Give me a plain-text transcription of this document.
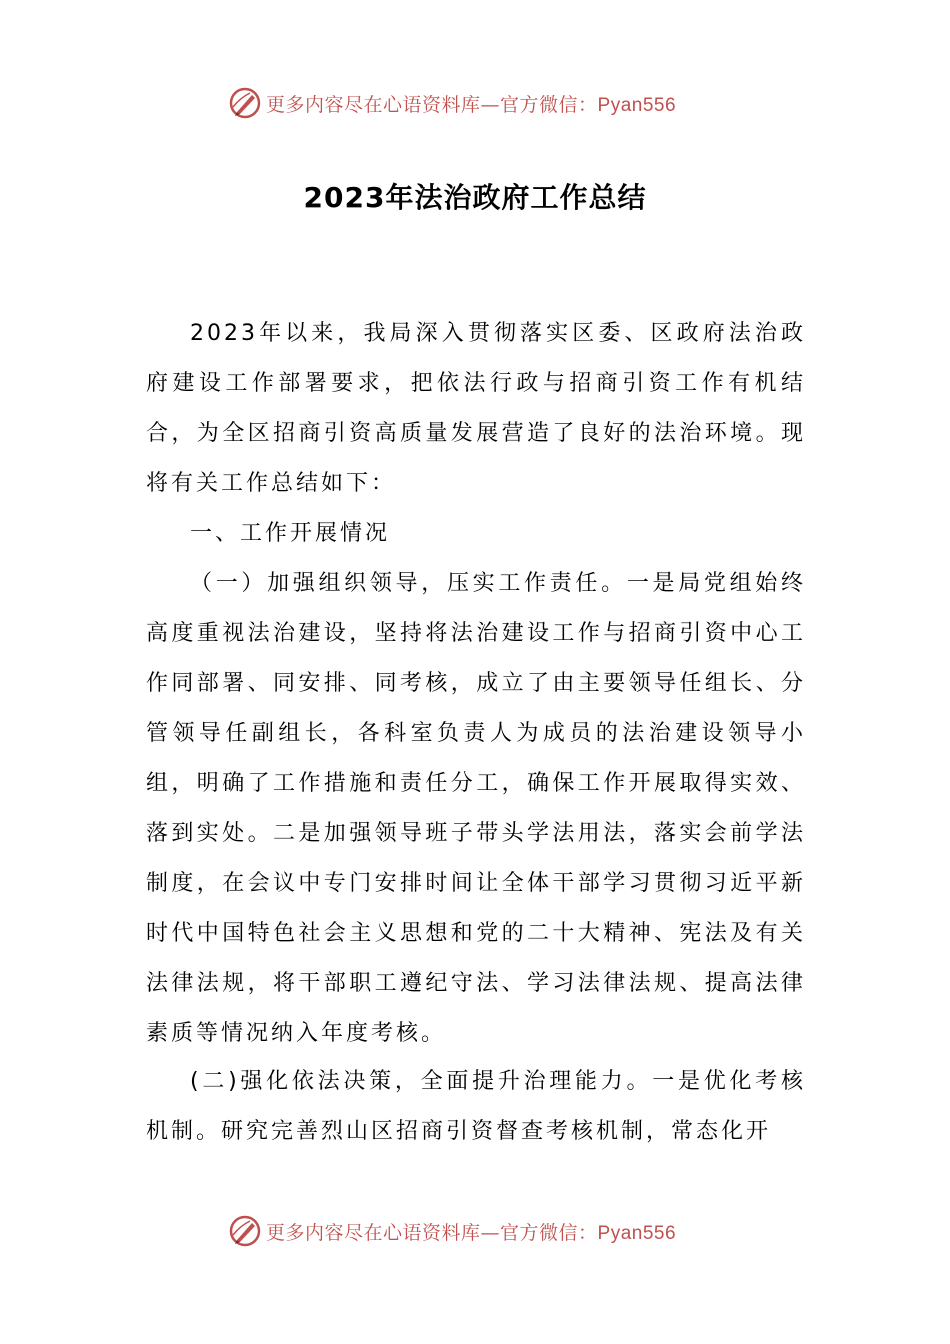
更多内容尽在心语资料库—官方微信：Pyan556
2023年法治政府工作总结

2023年以来，我局深入贯彻落实区委、区政府法治政府建设工作部署要求，把依法行政与招商引资工作有机结合，为全区招商引资高质量发展营造了良好的法治环境。现将有关工作总结如下：

一、工作开展情况

（一）加强组织领导，压实工作责任。一是局党组始终高度重视法治建设，坚持将法治建设工作与招商引资中心工作同部署、同安排、同考核，成立了由主要领导任组长、分管领导任副组长，各科室负责人为成员的法治建设领导小组，明确了工作措施和责任分工，确保工作开展取得实效、落到实处。二是加强领导班子带头学法用法，落实会前学法制度，在会议中专门安排时间让全体干部学习贯彻习近平新时代中国特色社会主义思想和党的二十大精神、宪法及有关法律法规，将干部职工遵纪守法、学习法律法规、提高法律素质等情况纳入年度考核。

(二)强化依法决策，全面提升治理能力。一是优化考核机制。研究完善烈山区招商引资督查考核机制，常态化开

更多内容尽在心语资料库—官方微信：Pyan556
